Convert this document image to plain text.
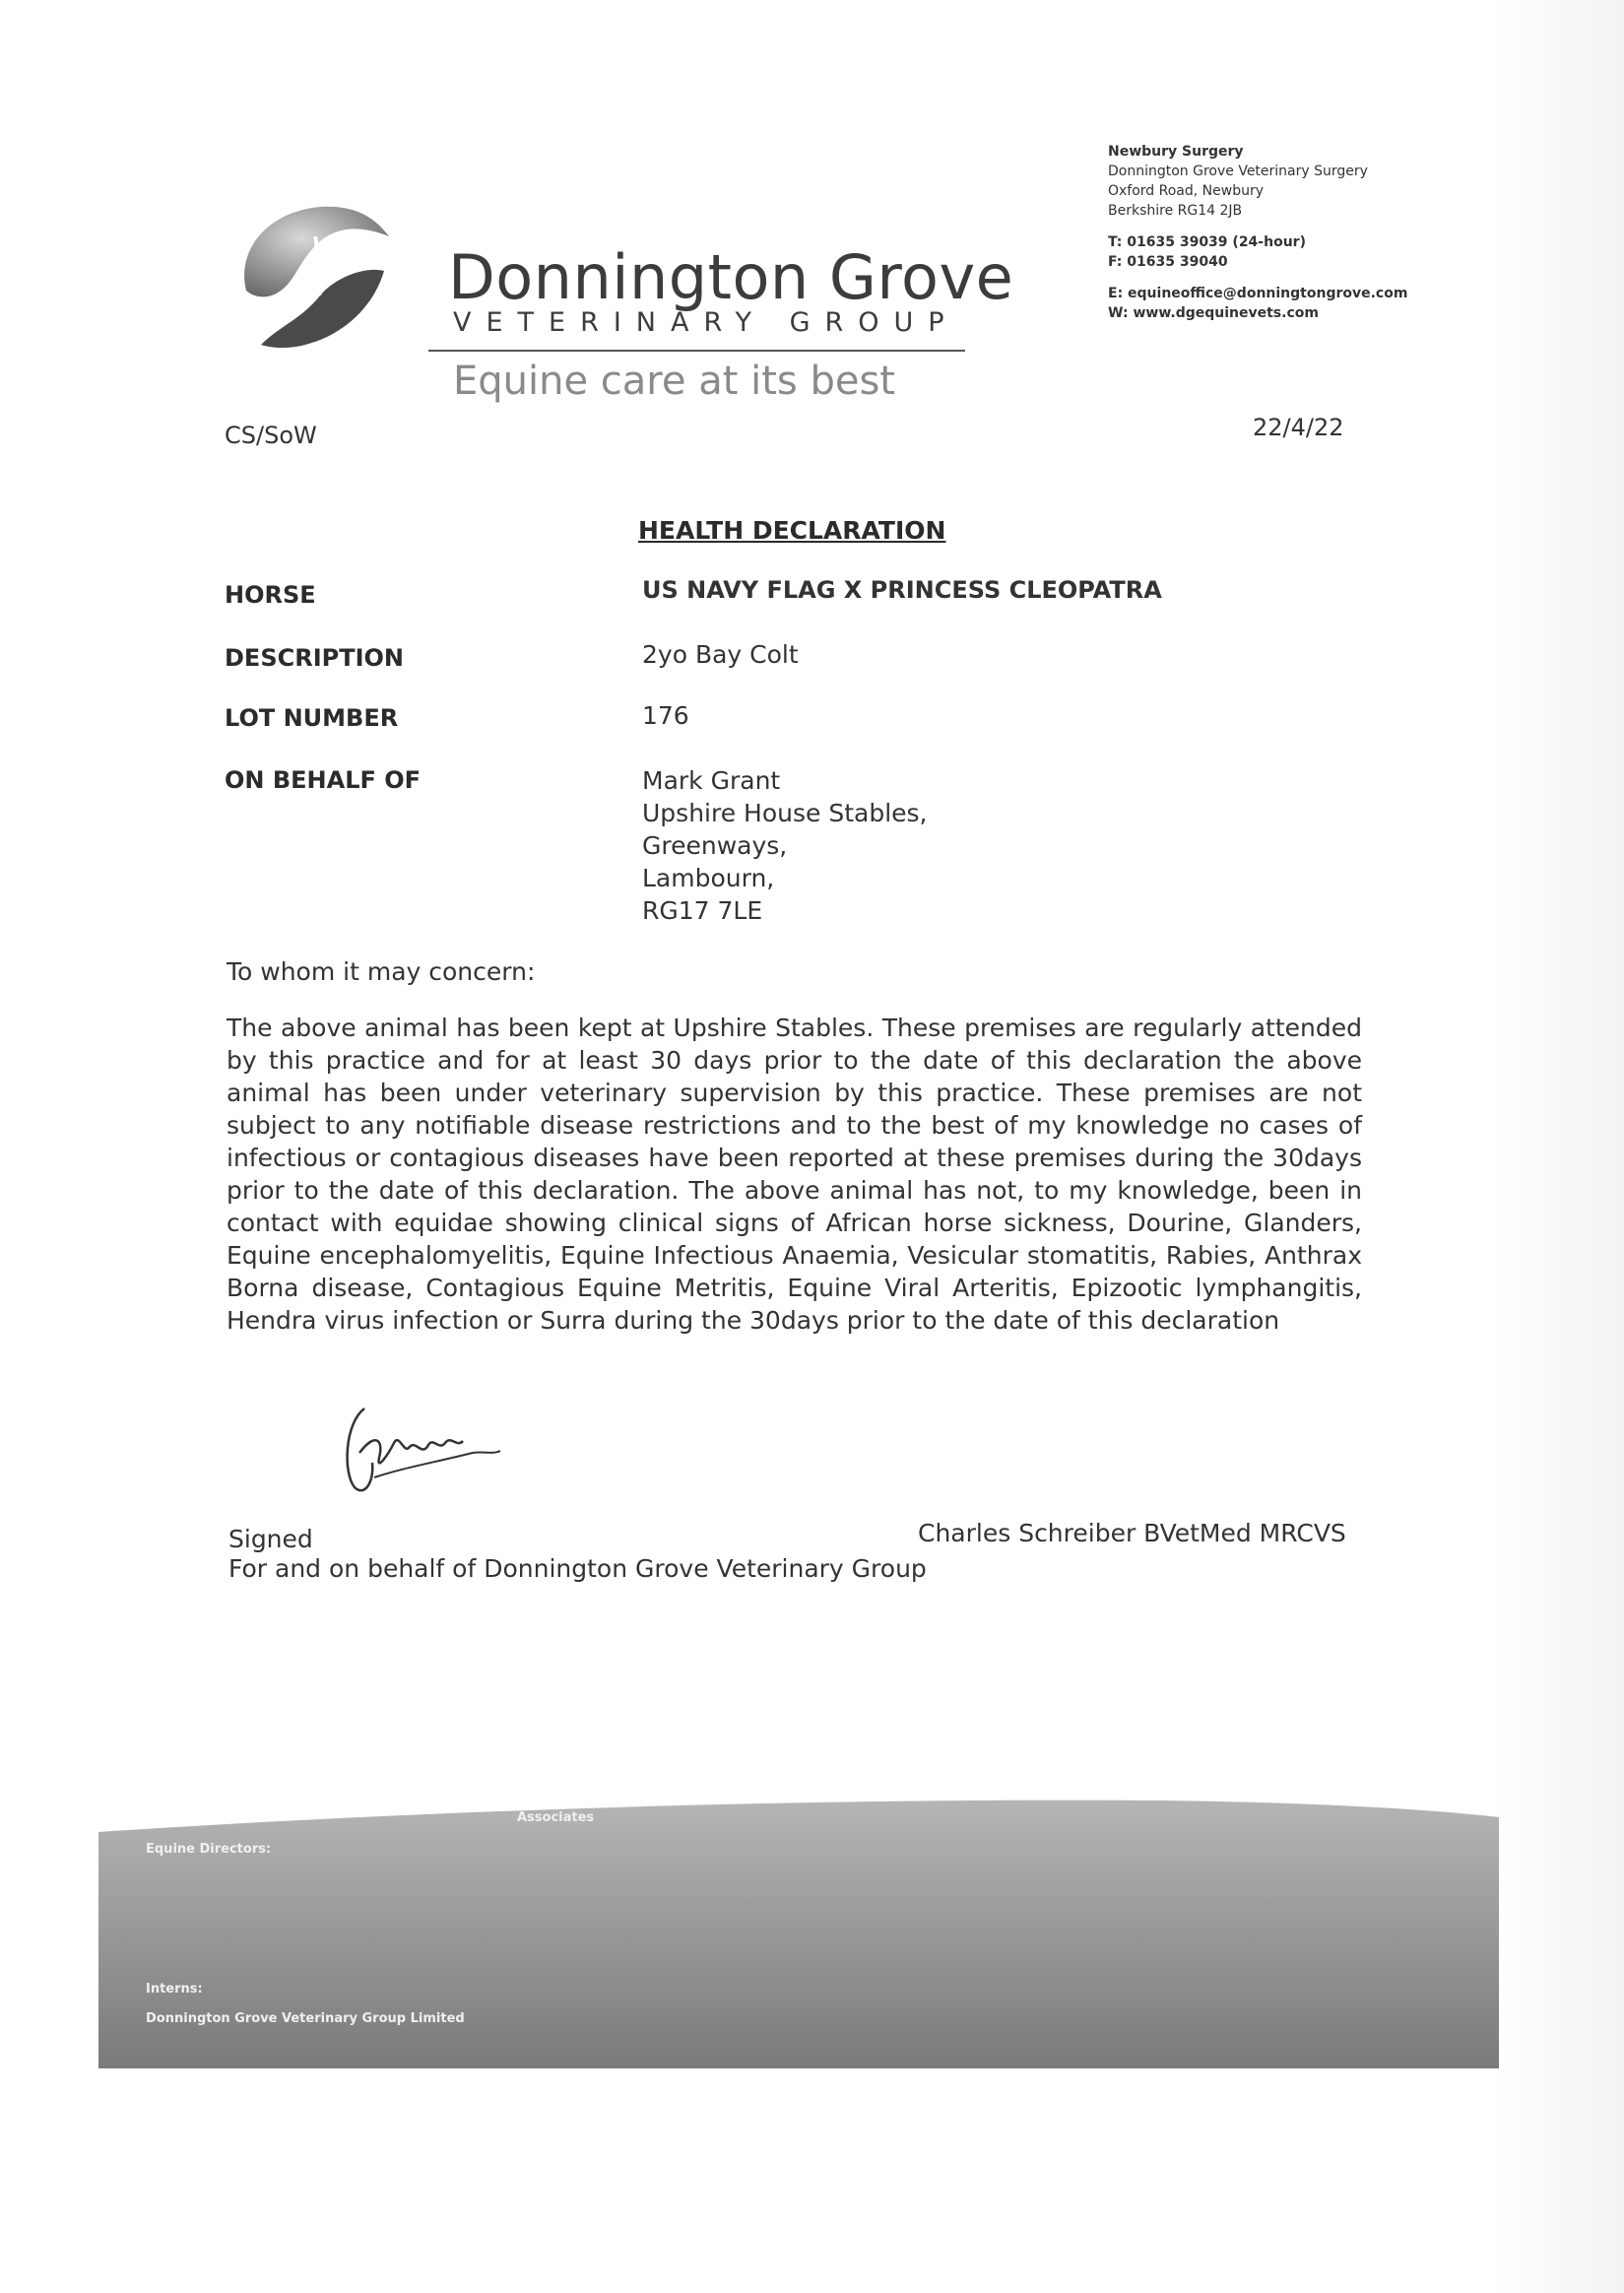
Donnington Grove
VETERINARY GROUP
Equine care at its best
Newbury Surgery
Donnington Grove Veterinary Surgery
Oxford Road, Newbury
Berkshire RG14 2JB
T: 01635 39039 (24-hour)
F: 01635 39040
E: equineoffice@donningtongrove.com
W: www.dgequinevets.com
CS/SoW	22/4/22
HEALTH DECLARATION
HORSE	US NAVY FLAG X PRINCESS CLEOPATRA
DESCRIPTION	2yo Bay Colt
LOT NUMBER	176
ON BEHALF OF	Mark Grant
Upshire House Stables,
Greenways,
Lambourn,
RG17 7LE
To whom it may concern:
The above animal has been kept at Upshire Stables. These premises are regularly attended by this practice and for at least 30 days prior to the date of this declaration the above animal has been under veterinary supervision by this practice. These premises are not subject to any notifiable disease restrictions and to the best of my knowledge no cases of infectious or contagious diseases have been reported at these premises during the 30days prior to the date of this declaration. The above animal has not, to my knowledge, been in contact with equidae showing clinical signs of African horse sickness, Dourine, Glanders, Equine encephalomyelitis, Equine Infectious Anaemia, Vesicular stomatitis, Rabies, Anthrax Borna disease, Contagious Equine Metritis, Equine Viral Arteritis, Epizootic lymphangitis, Hendra virus infection or Surra during the 30days prior to the date of this declaration
Signed	Charles Schreiber BVetMed MRCVS
For and on behalf of Donnington Grove Veterinary Group
Equine Directors:
Associates
Interns:
Donnington Grove Veterinary Group Limited
